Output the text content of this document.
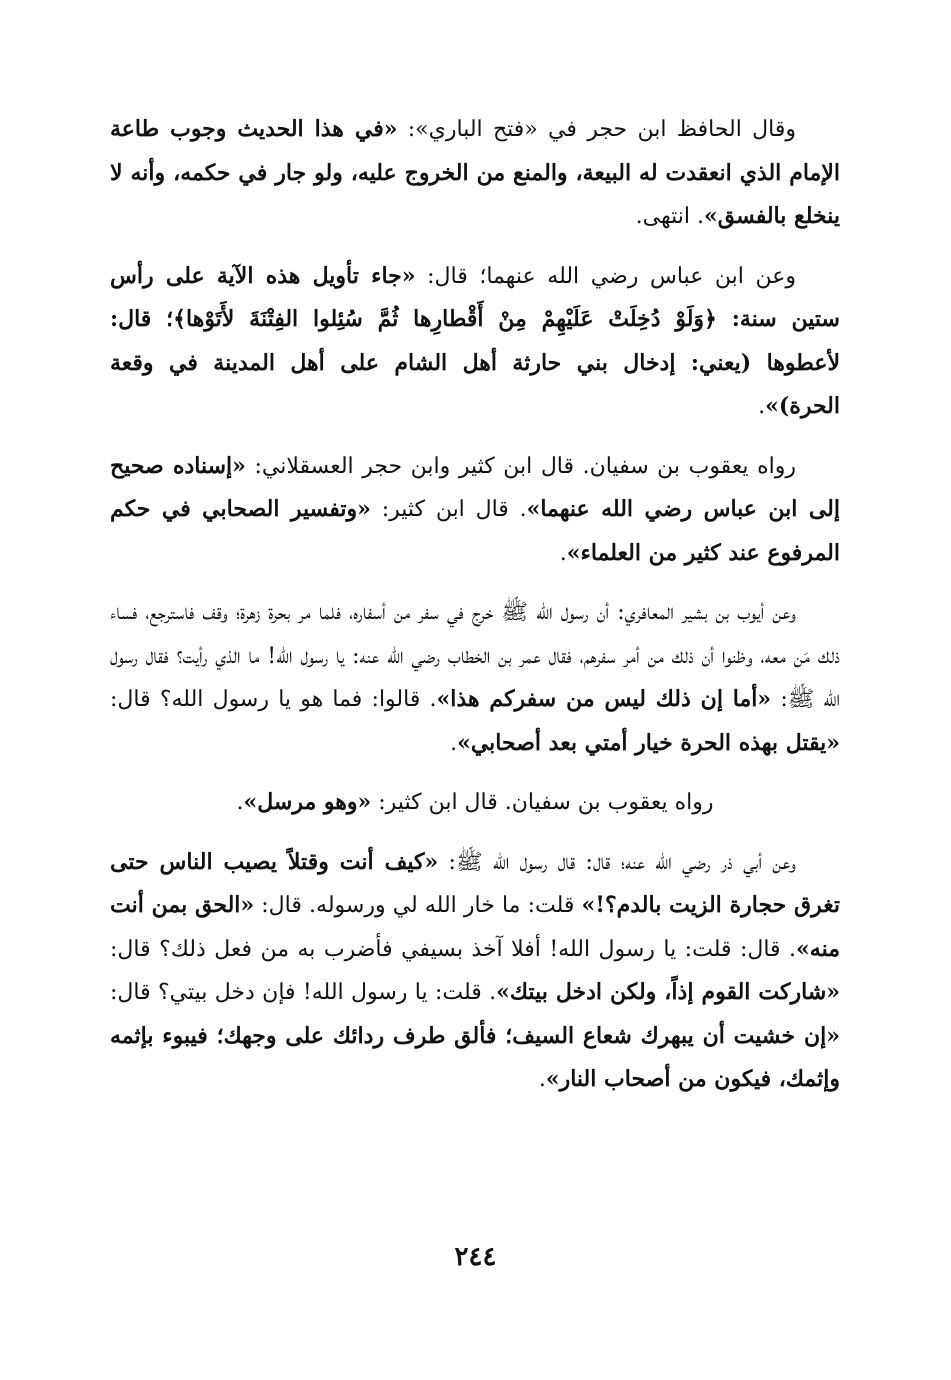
وقال الحافظ ابن حجر في «فتح الباري»: «في هذا الحديث وجوب طاعة الإمام الذي انعقدت له البيعة، والمنع من الخروج عليه، ولو جار في حكمه، وأنه لا ينخلع بالفسق». انتهى.

وعن ابن عباس رضي الله عنهما؛ قال: «جاء تأويل هذه الآية على رأس ستين سنة: ﴿وَلَوْ دُخِلَتْ عَلَيْهِمْ مِنْ أَقْطارِها ثُمَّ سُئِلوا الفِتْنَةَ لأَتَوْها﴾؛ قال: لأعطوها (يعني: إدخال بني حارثة أهل الشام على أهل المدينة في وقعة الحرة)».

رواه يعقوب بن سفيان. قال ابن كثير وابن حجر العسقلاني: «إسناده صحيح إلى ابن عباس رضي الله عنهما». قال ابن كثير: «وتفسير الصحابي في حكم المرفوع عند كثير من العلماء».

وعن أيوب بن بشير المعافري: أن رسول الله ﷺ خرج في سفر من أسفاره، فلما مر بحرة زهرة؛ وقف فاسترجع، فساء ذلك مَن معه، وظنوا أن ذلك من أمر سفرهم، فقال عمر بن الخطاب رضي الله عنه: يا رسول الله! ما الذي رأيت؟ فقال رسول الله ﷺ: «أما إن ذلك ليس من سفركم هذا». قالوا: فما هو يا رسول الله؟ قال: «يقتل بهذه الحرة خيار أمتي بعد أصحابي».

رواه يعقوب بن سفيان. قال ابن كثير: «وهو مرسل».

وعن أبي ذر رضي الله عنه؛ قال: قال رسول الله ﷺ: «كيف أنت وقتلاً يصيب الناس حتى تغرق حجارة الزيت بالدم؟!» قلت: ما خار الله لي ورسوله. قال: «الحق بمن أنت منه». قال: قلت: يا رسول الله! أفلا آخذ بسيفي فأضرب به من فعل ذلك؟ قال: «شاركت القوم إذاً، ولكن ادخل بيتك». قلت: يا رسول الله! فإن دخل بيتي؟ قال: «إن خشيت أن يبهرك شعاع السيف؛ فألق طرف ردائك على وجهك؛ فيبوء بإثمه وإثمك، فيكون من أصحاب النار».

٢٤٤
